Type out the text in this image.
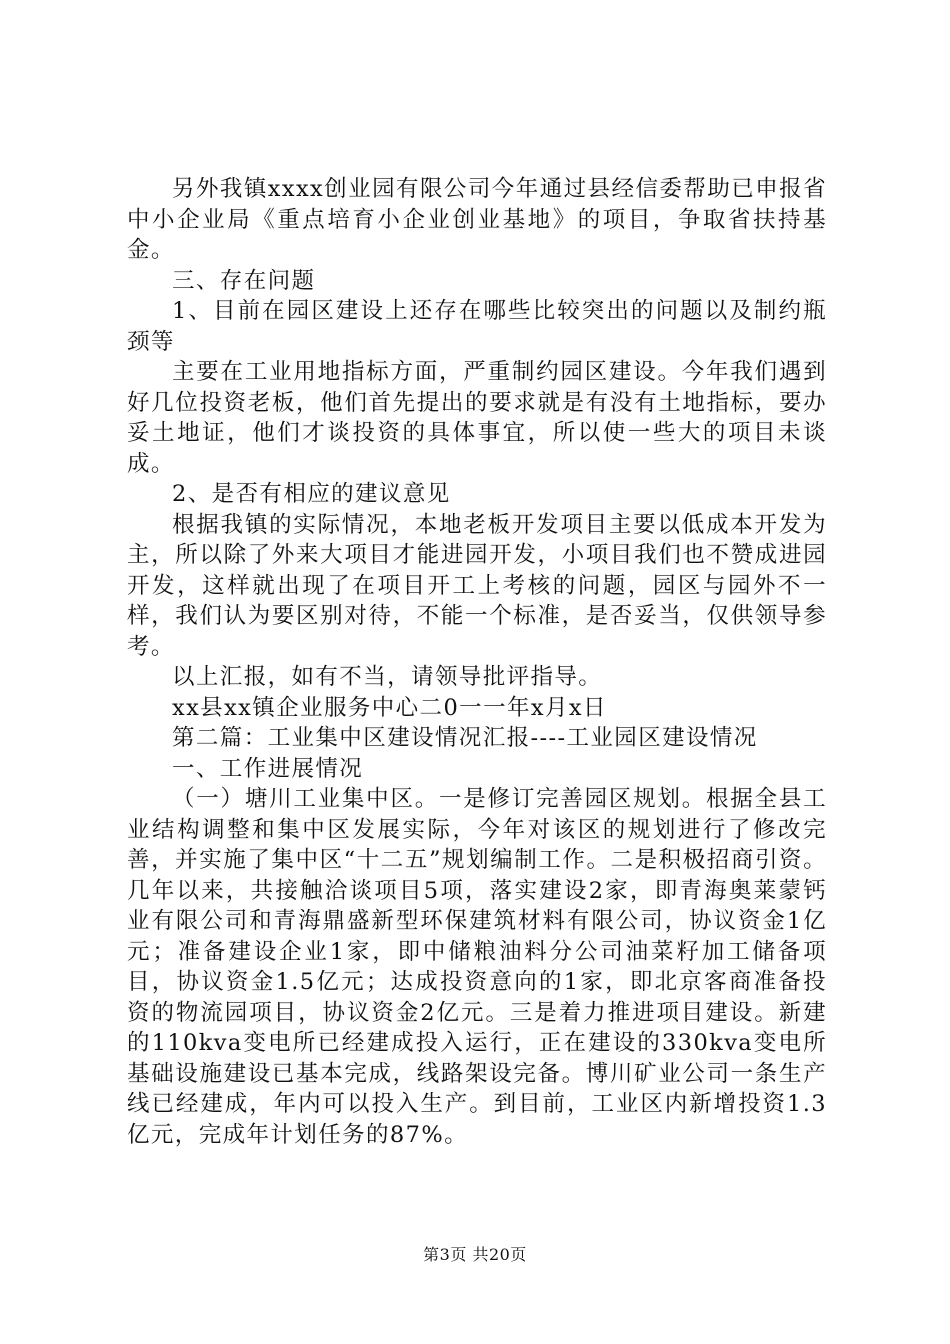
另外我镇xxxx创业园有限公司今年通过县经信委帮助已申报省中小企业局《重点培育小企业创业基地》的项目，争取省扶持基金。

三、存在问题

1、目前在园区建设上还存在哪些比较突出的问题以及制约瓶颈等

主要在工业用地指标方面，严重制约园区建设。今年我们遇到好几位投资老板，他们首先提出的要求就是有没有土地指标，要办妥土地证，他们才谈投资的具体事宜，所以使一些大的项目未谈成。

2、是否有相应的建议意见

根据我镇的实际情况，本地老板开发项目主要以低成本开发为主，所以除了外来大项目才能进园开发，小项目我们也不赞成进园开发，这样就出现了在项目开工上考核的问题，园区与园外不一样，我们认为要区别对待，不能一个标准，是否妥当，仅供领导参考。

以上汇报，如有不当，请领导批评指导。

xx县xx镇企业服务中心二0一一年x月x日

第二篇：工业集中区建设情况汇报----工业园区建设情况

一、工作进展情况

（一）塘川工业集中区。一是修订完善园区规划。根据全县工业结构调整和集中区发展实际，今年对该区的规划进行了修改完善，并实施了集中区“十二五”规划编制工作。二是积极招商引资。几年以来，共接触洽谈项目5项，落实建设2家，即青海奥莱蒙钙业有限公司和青海鼎盛新型环保建筑材料有限公司，协议资金1亿元；准备建设企业1家，即中储粮油料分公司油菜籽加工储备项目，协议资金1.5亿元；达成投资意向的1家，即北京客商准备投资的物流园项目，协议资金2亿元。三是着力推进项目建设。新建的110kva变电所已经建成投入运行，正在建设的330kva变电所基础设施建设已基本完成，线路架设完备。博川矿业公司一条生产线已经建成，年内可以投入生产。到目前，工业区内新增投资1.3亿元，完成年计划任务的87%。

第3页 共20页
